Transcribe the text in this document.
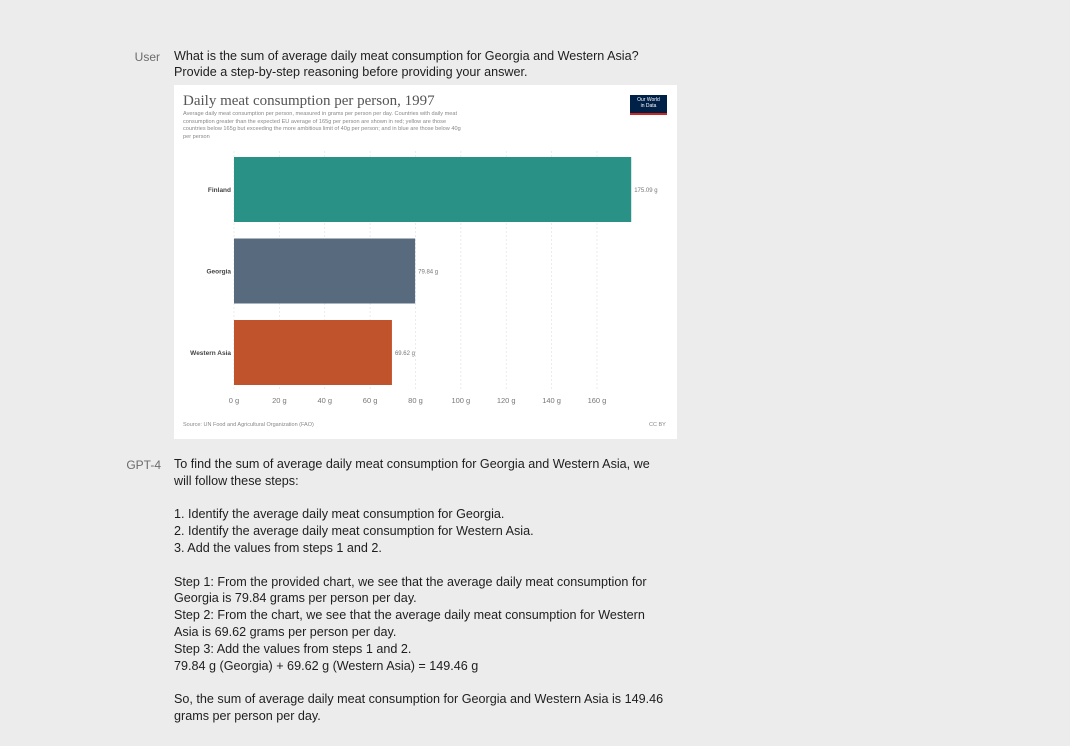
User What is the sum of average daily meat consumption for Georgia and Western Asia?
Provide a step-by-step reasoning before providing your answer.
0 g	20 g	40 g	60 g	80 g	100 g	120 g	140 g	160 g
Finland	175.09 g
Georgia	79.84 g
Western Asia	69.62 g
Daily meat consumption per person, 1997
Average daily meat consumption per person, measured in grams per person per day. Countries with daily meat
consumption greater than the expected EU average of 165g per person are shown in red; yellow are those
countries below 165g but exceeding the more ambitious limit of 40g per person; and in blue are those below 40g
per person
Our World
in Data
Source: UN Food and Agricultural Organization (FAO)	CC BY
GPT-4 To find the sum of average daily meat consumption for Georgia and Western Asia, we
will follow these steps:
1. Identify the average daily meat consumption for Georgia.
2. Identify the average daily meat consumption for Western Asia.
3. Add the values from steps 1 and 2.
Step 1: From the provided chart, we see that the average daily meat consumption for
Georgia is 79.84 grams per person per day.
Step 2: From the chart, we see that the average daily meat consumption for Western
Asia is 69.62 grams per person per day.
Step 3: Add the values from steps 1 and 2.
79.84 g (Georgia) + 69.62 g (Western Asia) = 149.46 g
So, the sum of average daily meat consumption for Georgia and Western Asia is 149.46
grams per person per day.
